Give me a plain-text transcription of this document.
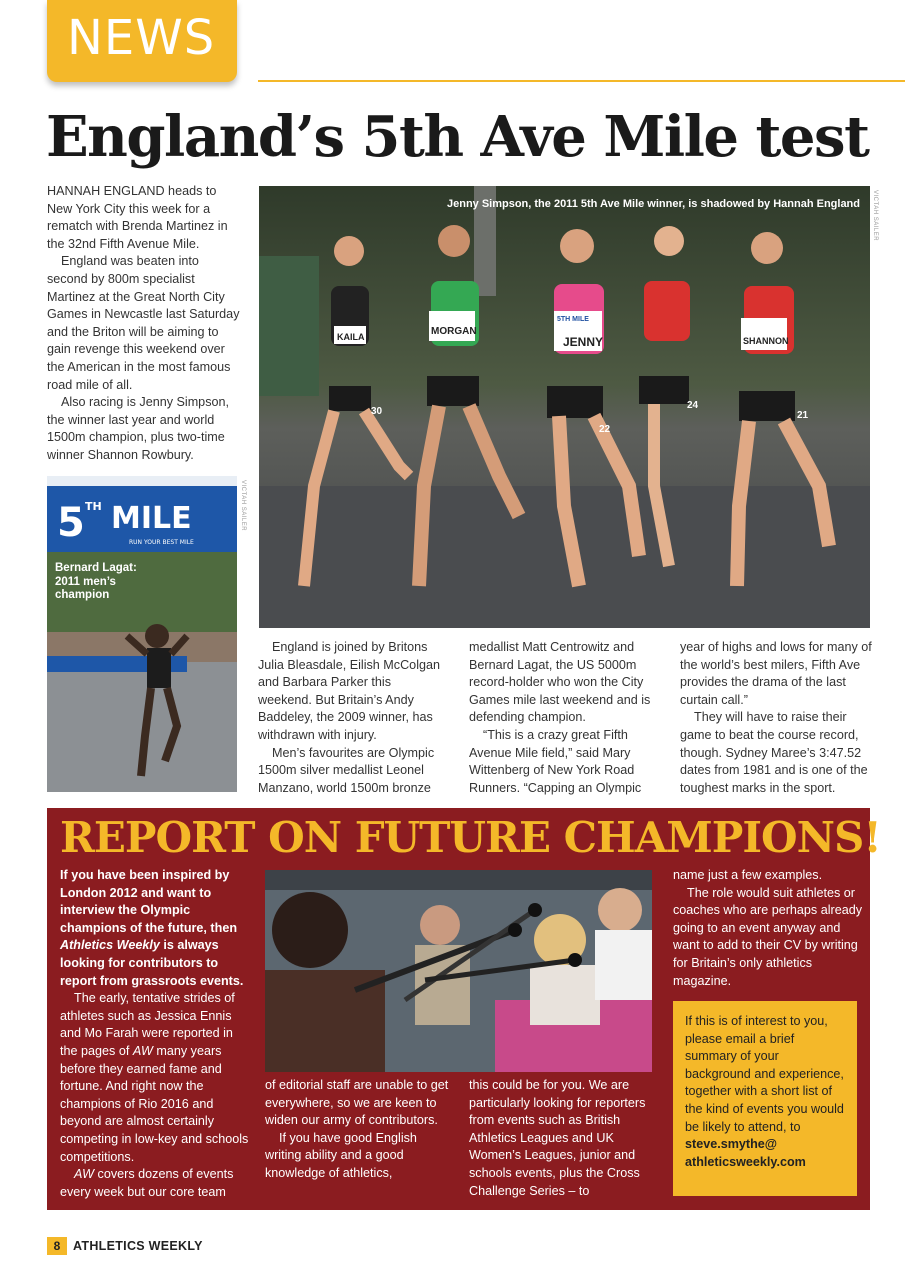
NEWS
England’s 5th Ave Mile test

HANNAH ENGLAND heads to New York City this week for a rematch with Brenda Martinez in the 32nd Fifth Avenue Mile.

England was beaten into second by 800m specialist Martinez at the Great North City Games in Newcastle last Saturday and the Briton will be aiming to gain revenge this weekend over the American in the most famous road mile of all.

Also racing is Jenny Simpson, the winner last year and world 1500m champion, plus two-time winner Shannon Rowbury.

KAILA	MORGAN
5TH MILE
JENNY
24
SHANNON
21
30
22
Jenny Simpson, the 2011 5th Ave Mile winner, is shadowed by Hannah England VICTAH SAILER
5 TH MILE
RUN YOUR BEST MILE
Bernard Lagat:
2011 men’s
champion
VICTAH SAILER

England is joined by Britons Julia Bleasdale, Eilish McColgan and Barbara Parker this weekend. But Britain’s Andy Baddeley, the 2009 winner, has withdrawn with injury.

Men’s favourites are Olympic 1500m silver medallist Leonel Manzano, world 1500m bronze

medallist Matt Centrowitz and Bernard Lagat, the US 5000m record-holder who won the City Games mile last weekend and is defending champion.

“This is a crazy great Fifth Avenue Mile field,” said Mary Wittenberg of New York Road Runners. “Capping an Olympic

year of highs and lows for many of the world’s best milers, Fifth Ave provides the drama of the last curtain call.”

They will have to raise their game to beat the course record, though. Sydney Maree’s 3:47.52 dates from 1981 and is one of the toughest marks in the sport.

REPORT ON FUTURE CHAMPIONS!

If you have been inspired by London 2012 and want to interview the Olympic champions of the future, then Athletics Weekly is always looking for contributors to report from grassroots events.

The early, tentative strides of athletes such as Jessica Ennis and Mo Farah were reported in the pages of AW many years before they earned fame and fortune. And right now the champions of Rio 2016 and beyond are almost certainly competing in low-key and schools competitions.

AW covers dozens of events every week but our core team

of editorial staff are unable to get everywhere, so we are keen to widen our army of contributors.

If you have good English writing ability and a good knowledge of athletics,

this could be for you. We are particularly looking for reporters from events such as British Athletics Leagues and UK Women’s Leagues, junior and schools events, plus the Cross Challenge Series – to

name just a few examples.

The role would suit athletes or coaches who are perhaps already going to an event anyway and want to add to their CV by writing for Britain’s only athletics magazine.

If this is of interest to you, please email a brief summary of your background and experience, together with a short list of the kind of events you would be likely to attend, to steve.smythe@ athleticsweekly.com
8	ATHLETICS WEEKLY
